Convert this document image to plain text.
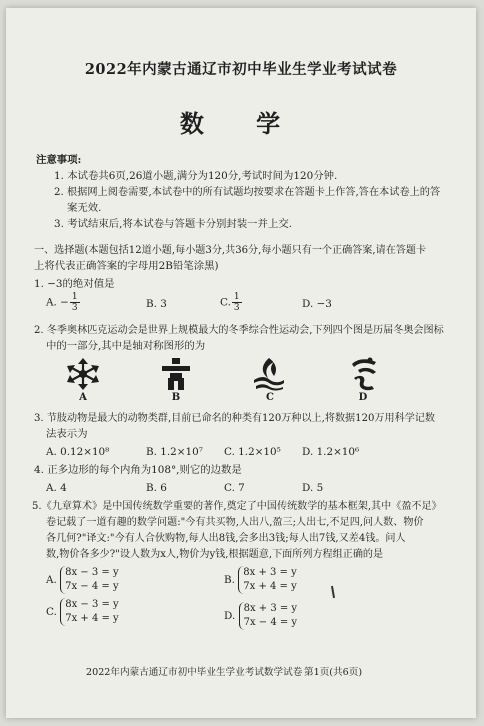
2022年内蒙古通辽市初中毕业生学业考试试卷
数 学
注意事项:
1. 本试卷共6页,26道小题,满分为120分,考试时间为120分钟.
2. 根据网上阅卷需要,本试卷中的所有试题均按要求在答题卡上作答,答在本试卷上的答
案无效.
3. 考试结束后,将本试卷与答题卡分别封装一并上交.
一、选择题(本题包括12道小题,每小题3分,共36分,每小题只有一个正确答案,请在答题卡
上将代表正确答案的字母用2B铅笔涂黑)
1. −3的绝对值是
A. − $\frac{1}{3}$	B. 3	C. $\frac{1}{3}$	D. −3
2. 冬季奥林匹克运动会是世界上规模最大的冬季综合性运动会,下列四个图是历届冬奥会图标
中的一部分,其中是轴对称图形的为
A	B	C	D
3. 节肢动物是最大的动物类群,目前已命名的种类有120万种以上,将数据120万用科学记数
法表示为
A. 0.12×10⁸	B. 1.2×10⁷ C. 1.2×10⁵ D. 1.2×10⁶
4. 正多边形的每个内角为108°,则它的边数是
A. 4	B. 6	C. 7	D. 5
5.《九章算术》是中国传统数学重要的著作,奠定了中国传统数学的基本框架,其中《盈不足》
卷记载了一道有趣的数学问题:"今有共买物,人出八,盈三;人出七,不足四,问人数、物价
各几何?"译文:"今有人合伙购物,每人出8钱,会多出3钱;每人出7钱,又差4钱。问人
数,物价各多少?"设人数为x人,物价为y钱,根据题意,下面所列方程组正确的是
A. 8x − 3 = y
7x − 4 = y
B. 8x + 3 = y
7x + 4 = y
C. 8x − 3 = y
7x + 4 = y	D. 8x + 3 = y
7x − 4 = y
2022年内蒙古通辽市初中毕业生学业考试数学试卷 第1页(共6页)
